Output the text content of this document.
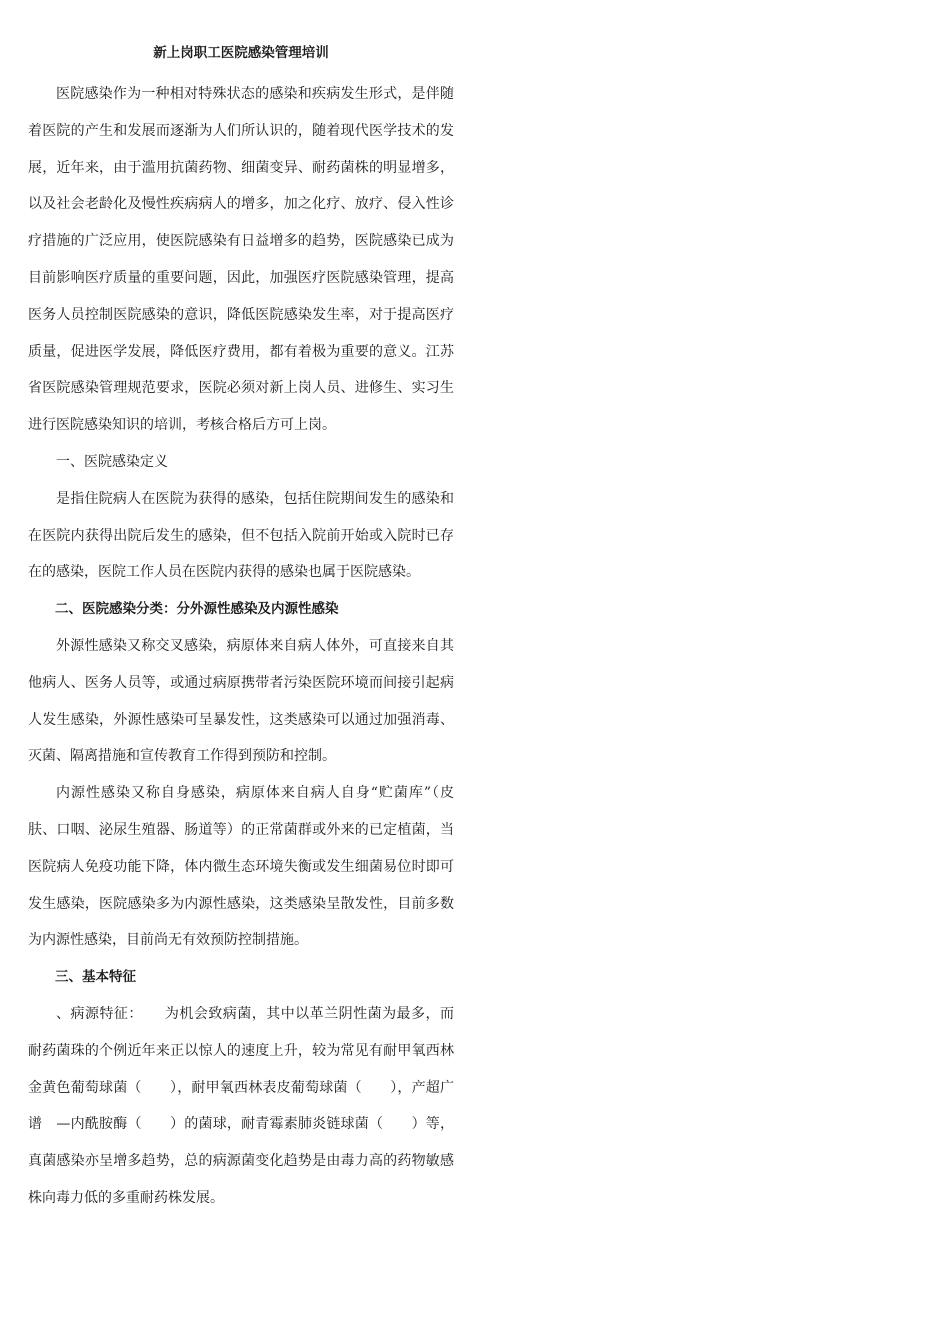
新上岗职工医院感染管理培训

医院感染作为一种相对特殊状态的感染和疾病发生形式，是伴随着医院的产生和发展而逐渐为人们所认识的，随着现代医学技术的发展，近年来，由于滥用抗菌药物、细菌变异、耐药菌株的明显增多，以及社会老龄化及慢性疾病病人的增多，加之化疗、放疗、侵入性诊疗措施的广泛应用，使医院感染有日益增多的趋势，医院感染已成为目前影响医疗质量的重要问题，因此，加强医疗医院感染管理，提高医务人员控制医院感染的意识，降低医院感染发生率，对于提高医疗质量，促进医学发展，降低医疗费用，都有着极为重要的意义。江苏省医院感染管理规范要求，医院必须对新上岗人员、进修生、实习生进行医院感染知识的培训，考核合格后方可上岗。

一、医院感染定义

是指住院病人在医院为获得的感染，包括住院期间发生的感染和在医院内获得出院后发生的感染，但不包括入院前开始或入院时已存在的感染，医院工作人员在医院内获得的感染也属于医院感染。

二、医院感染分类：分外源性感染及内源性感染

外源性感染又称交叉感染，病原体来自病人体外，可直接来自其他病人、医务人员等，或通过病原携带者污染医院环境而间接引起病人发生感染，外源性感染可呈暴发性，这类感染可以通过加强消毒、灭菌、隔离措施和宣传教育工作得到预防和控制。

内源性感染又称自身感染，病原体来自病人自身“贮菌库”（皮肤、口咽、泌尿生殖器、肠道等）的正常菌群或外来的已定植菌，当医院病人免疫功能下降，体内微生态环境失衡或发生细菌易位时即可发生感染，医院感染多为内源性感染，这类感染呈散发性，目前多数为内源性感染，目前尚无有效预防控制措施。

三、基本特征

、病源特征：　　为机会致病菌，其中以革兰阴性菌为最多，而耐药菌珠的个例近年来正以惊人的速度上升，较为常见有耐甲氧西林金黄色葡萄球菌（　　），耐甲氧西林表皮葡萄球菌（　　），产超广谱　—内酰胺酶（　　）的菌球，耐青霉素肺炎链球菌（　　）等，真菌感染亦呈增多趋势，总的病源菌变化趋势是由毒力高的药物敏感株向毒力低的多重耐药株发展。
